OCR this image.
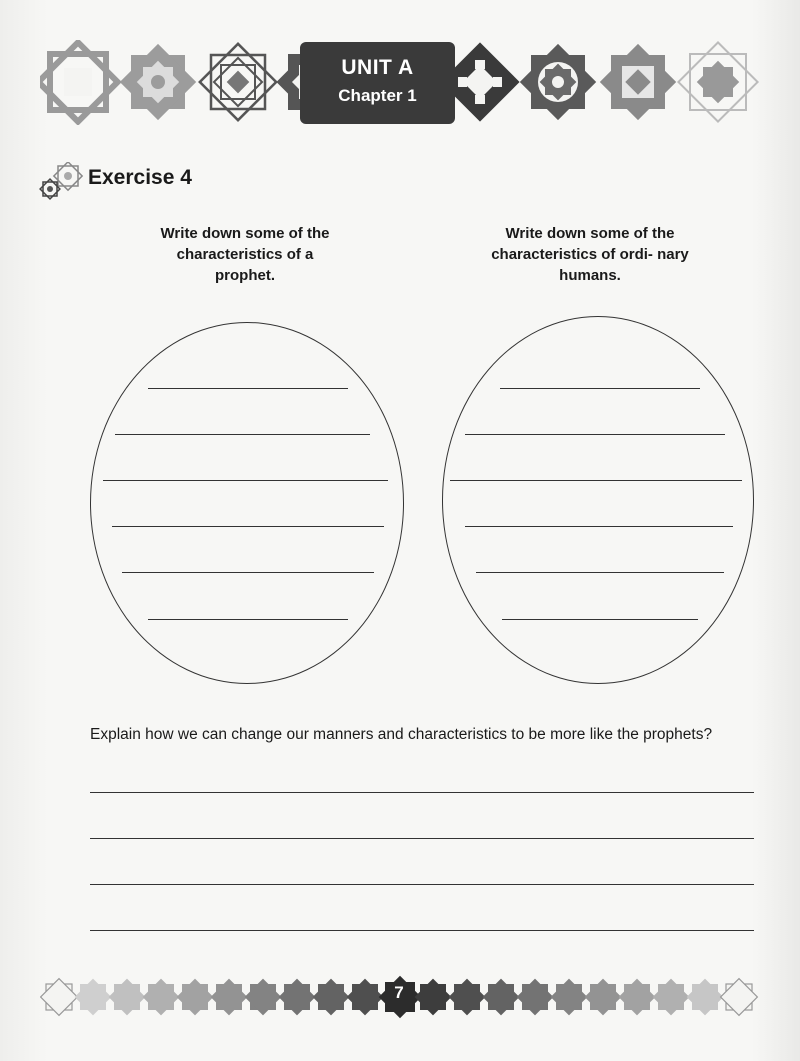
UNIT A
Chapter 1
Exercise 4
Write down some of the characteristics of a prophet.
Write down some of the characteristics of ordi- nary humans.
Explain how we can change our manners and characteristics to be more like the prophets?
7
